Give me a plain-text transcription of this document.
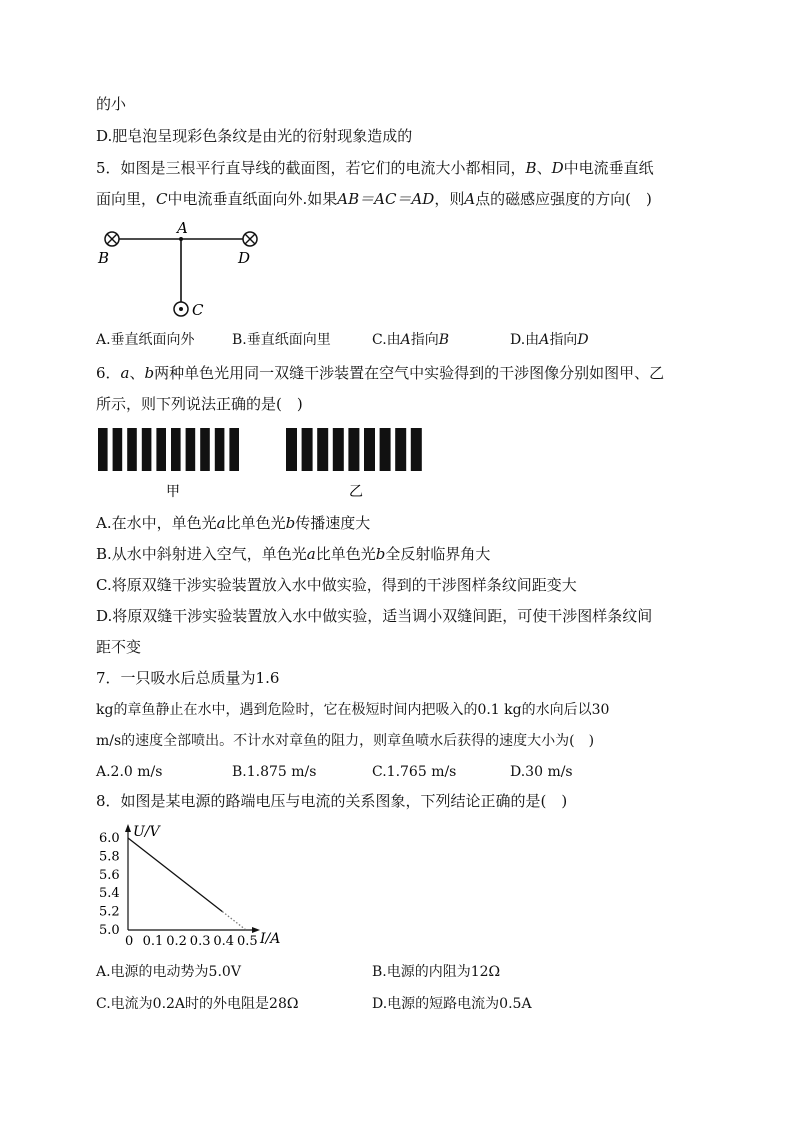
的小
D.肥皂泡呈现彩色条纹是由光的衍射现象造成的
5．如图是三根平行直导线的截面图，若它们的电流大小都相同，B、D中电流垂直纸
面向里，C中电流垂直纸面向外.如果AB＝AC＝AD，则A点的磁感应强度的方向(　)
A
B	D
C
A.垂直纸面向外	B.垂直纸面向里	C.由A指向B	D.由A指向D
6．a、b两种单色光用同一双缝干涉装置在空气中实验得到的干涉图像分别如图甲、乙
所示，则下列说法正确的是(　)
甲	乙
A.在水中，单色光a比单色光b传播速度大
B.从水中斜射进入空气，单色光a比单色光b全反射临界角大
C.将原双缝干涉实验装置放入水中做实验，得到的干涉图样条纹间距变大
D.将原双缝干涉实验装置放入水中做实验，适当调小双缝间距，可使干涉图样条纹间
距不变
7．一只吸水后总质量为1.6
kg的章鱼静止在水中，遇到危险时，它在极短时间内把吸入的0.1 kg的水向后以30
m/s的速度全部喷出。不计水对章鱼的阻力，则章鱼喷水后获得的速度大小为(　)
A.2.0 m/s	B.1.875 m/s	C.1.765 m/s	D.30 m/s
8．如图是某电源的路端电压与电流的关系图象，下列结论正确的是(　)
U/V
I/A
0 0.1 0.2 0.3 0.4 0.5
5.0
5.2
5.4
5.6
5.8
6.0
A.电源的电动势为5.0V	B.电源的内阻为12Ω
C.电流为0.2A时的外电阻是28Ω	D.电源的短路电流为0.5A
